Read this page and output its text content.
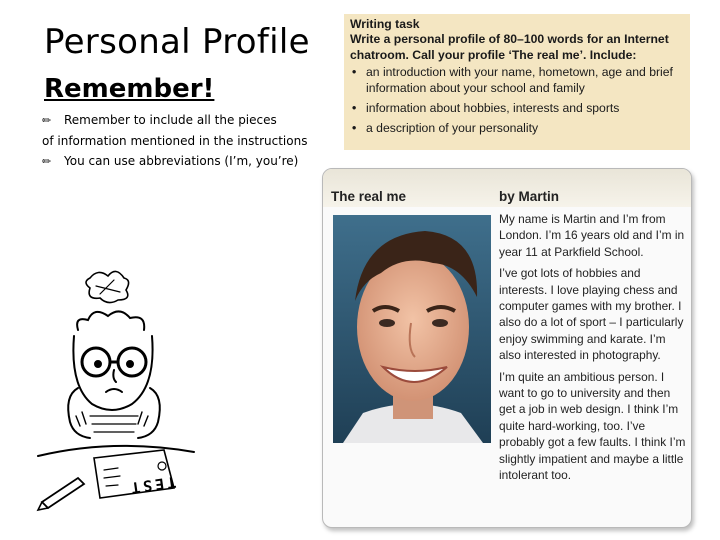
Personal Profile
Remember!
✏ Remember to include all the pieces
of information mentioned in the instructions
✏ You can use abbreviations (I’m, you’re)
Writing task
Write a personal profile of 80–100 words for an Internet
chatroom. Call your profile ‘The real me’. Include:
• an introduction with your name, hometown, age and brief information about your school and family
• information about hobbies, interests and sports
• a description of your personality
The real me	by Martin

My name is Martin and I’m from London. I’m 16 years old and I’m in year 11 at Parkfield School.

I’ve got lots of hobbies and interests. I love playing chess and computer games with my brother. I also do a lot of sport – I particularly enjoy swimming and karate. I’m also interested in photography.

I’m quite an ambitious person. I want to go to university and then get a job in web design. I think I’m quite hard-working, too. I’ve probably got a few faults. I think I’m slightly impatient and maybe a little intolerant too.

TEST
